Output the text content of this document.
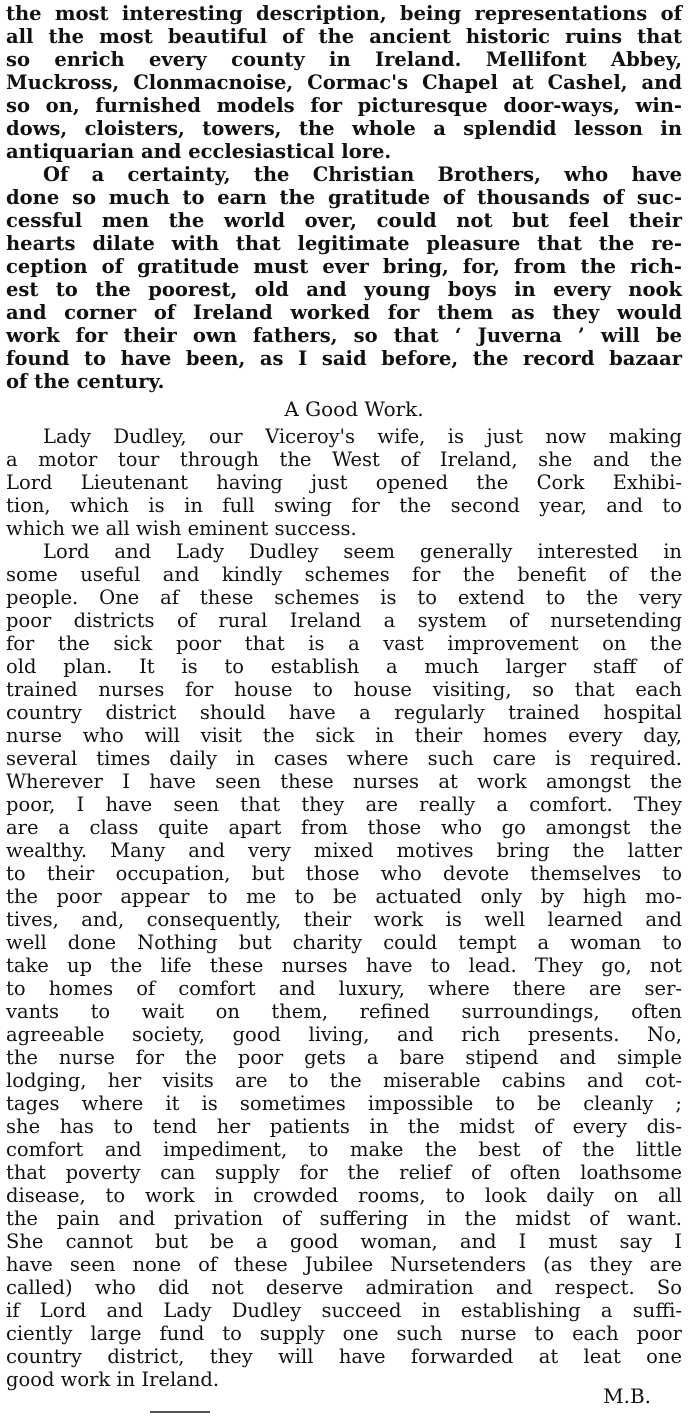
the most interesting description, being representations of
all the most beautiful of the ancient historic ruins that
so enrich every county in Ireland. Mellifont Abbey,
Muckross, Clonmacnoise, Cormac's Chapel at Cashel, and
so on, furnished models for picturesque door-ways, win-
dows, cloisters, towers, the whole a splendid lesson in
antiquarian and ecclesiastical lore.
Of a certainty, the Christian Brothers, who have
done so much to earn the gratitude of thousands of suc-
cessful men the world over, could not but feel their
hearts dilate with that legitimate pleasure that the re-
ception of gratitude must ever bring, for, from the rich-
est to the poorest, old and young boys in every nook
and corner of Ireland worked for them as they would
work for their own fathers, so that ‘ Juverna ’ will be
found to have been, as I said before, the record bazaar
of the century.
A Good Work.
Lady Dudley, our Viceroy's wife, is just now making
a motor tour through the West of Ireland, she and the
Lord Lieutenant having just opened the Cork Exhibi-
tion, which is in full swing for the second year, and to
which we all wish eminent success.
Lord and Lady Dudley seem generally interested in
some useful and kindly schemes for the benefit of the
people. One af these schemes is to extend to the very
poor districts of rural Ireland a system of nursetending
for the sick poor that is a vast improvement on the
old plan. It is to establish a much larger staff of
trained nurses for house to house visiting, so that each
country district should have a regularly trained hospital
nurse who will visit the sick in their homes every day,
several times daily in cases where such care is required.
Wherever I have seen these nurses at work amongst the
poor, I have seen that they are really a comfort. They
are a class quite apart from those who go amongst the
wealthy. Many and very mixed motives bring the latter
to their occupation, but those who devote themselves to
the poor appear to me to be actuated only by high mo-
tives, and, consequently, their work is well learned and
well done Nothing but charity could tempt a woman to
take up the life these nurses have to lead. They go, not
to homes of comfort and luxury, where there are ser-
vants to wait on them, refined surroundings, often
agreeable society, good living, and rich presents. No,
the nurse for the poor gets a bare stipend and simple
lodging, her visits are to the miserable cabins and cot-
tages where it is sometimes impossible to be cleanly ;
she has to tend her patients in the midst of every dis-
comfort and impediment, to make the best of the little
that poverty can supply for the relief of often loathsome
disease, to work in crowded rooms, to look daily on all
the pain and privation of suffering in the midst of want.
She cannot but be a good woman, and I must say I
have seen none of these Jubilee Nursetenders (as they are
called) who did not deserve admiration and respect. So
if Lord and Lady Dudley succeed in establishing a suffi-
ciently large fund to supply one such nurse to each poor
country district, they will have forwarded at leat one
good work in Ireland.
M.B.
